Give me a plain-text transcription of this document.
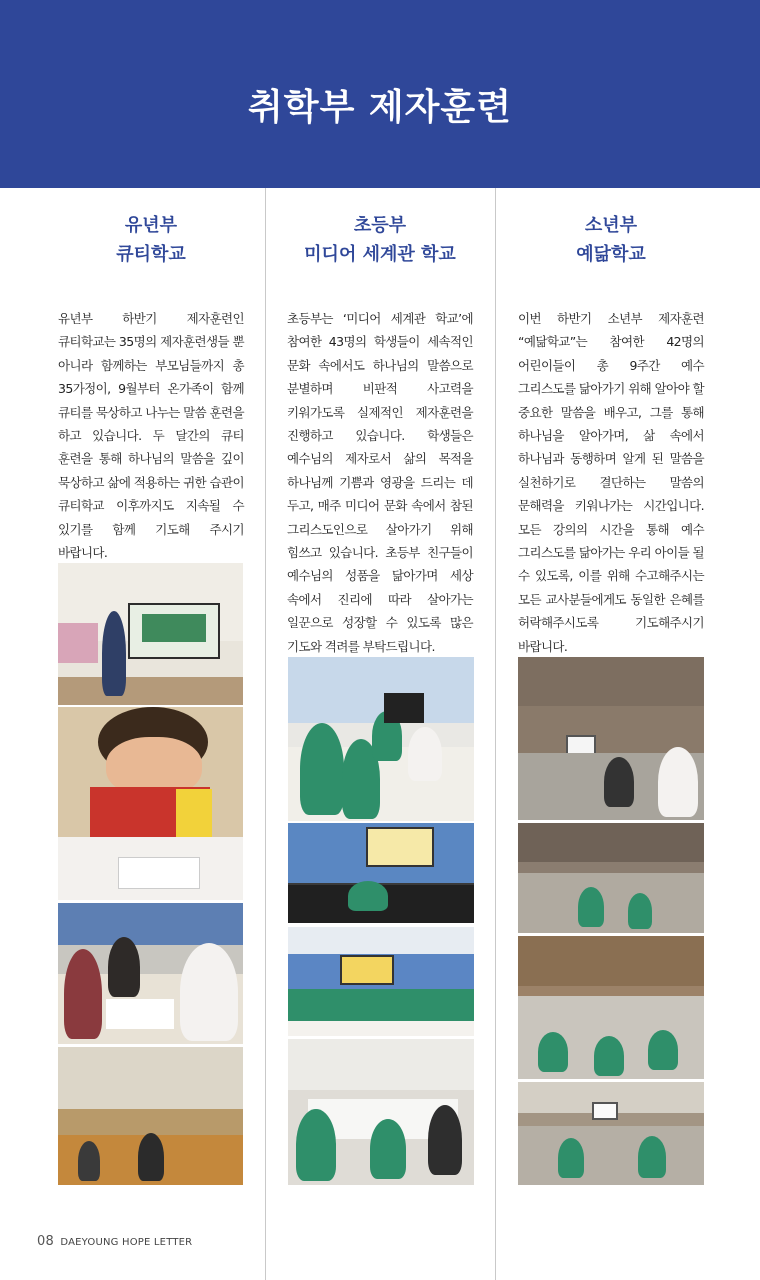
취학부 제자훈련
유년부
큐티학교
유년부 하반기 제자훈련인 큐티학교는 35명의 제자훈련생들 뿐 아니라 함께하는 부모님들까지 총 35가정이, 9월부터 온가족이 함께 큐티를 묵상하고 나누는 말씀 훈련을 하고 있습니다. 두 달간의 큐티 훈련을 통해 하나님의 말씀을 깊이 묵상하고 삶에 적용하는 귀한 습관이 큐티학교 이후까지도 지속될 수 있기를 함께 기도해 주시기 바랍니다.
초등부
미디어 세계관 학교
초등부는 ‘미디어 세계관 학교’에 참여한 43명의 학생들이 세속적인 문화 속에서도 하나님의 말씀으로 분별하며 비판적 사고력을 키워가도록 실제적인 제자훈련을 진행하고 있습니다. 학생들은 예수님의 제자로서 삶의 목적을 하나님께 기쁨과 영광을 드리는 데 두고, 매주 미디어 문화 속에서 참된 그리스도인으로 살아가기 위해 힘쓰고 있습니다. 초등부 친구들이 예수님의 성품을 닮아가며 세상 속에서 진리에 따라 살아가는 일꾼으로 성장할 수 있도록 많은 기도와 격려를 부탁드립니다.
소년부
예닮학교
이번 하반기 소년부 제자훈련 “예닮학교”는 참여한 42명의 어린이들이 총 9주간 예수 그리스도를 닮아가기 위해 알아야 할 중요한 말씀을 배우고, 그를 통해 하나님을 알아가며, 삶 속에서 하나님과 동행하며 알게 된 말씀을 실천하기로 결단하는 말씀의 문해력을 키워나가는 시간입니다. 모든 강의의 시간을 통해 예수 그리스도를 닮아가는 우리 아이들 될 수 있도록, 이를 위해 수고해주시는 모든 교사분들에게도 동일한 은혜를 허락해주시도록 기도해주시기 바랍니다.
08 DAEYOUNG HOPE LETTER
